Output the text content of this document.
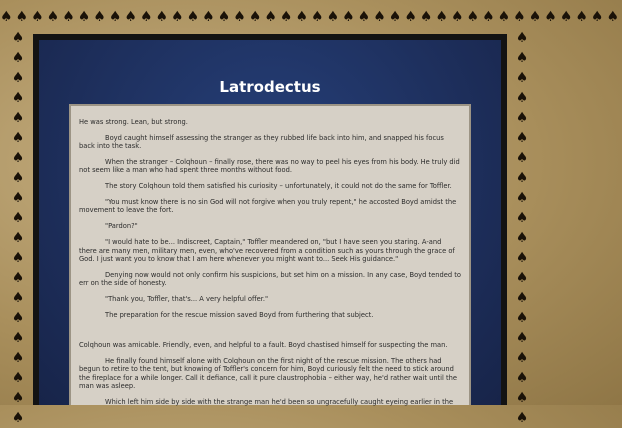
♠♠♠♠♠♠♠♠♠♠♠♠♠♠♠♠♠♠♠♠♠♠♠♠♠♠♠♠♠♠♠♠♠♠♠♠♠♠♠♠
♠
♠
♠
♠
♠
♠
♠
♠
♠
♠
♠
♠
♠
♠
♠
♠
♠
♠
♠
♠
♠
♠
♠
♠
♠
♠
♠
♠
♠
♠
♠
♠
♠
♠
♠
♠
♠
♠
♠
♠
Latrodectus

He was strong. Lean, but strong.

Boyd caught himself assessing the stranger as they rubbed life back into him, and snapped his focus back into the task.

When the stranger – Colqhoun – finally rose, there was no way to peel his eyes from his body. He truly did not seem like a man who had spent three months without food.

The story Colqhoun told them satisfied his curiosity – unfortunately, it could not do the same for Toffler.

"You must know there is no sin God will not forgive when you truly repent," he accosted Boyd amidst the movement to leave the fort.

"Pardon?"

"I would hate to be... Indiscreet, Captain," Toffler meandered on, "but I have seen you staring. A-and there are many men, military men, even, who've recovered from a condition such as yours through the grace of God. I just want you to know that I am here whenever you might want to... Seek His guidance."

Denying now would not only confirm his suspicions, but set him on a mission. In any case, Boyd tended to err on the side of honesty.

"Thank you, Toffler, that's... A very helpful offer."

The preparation for the rescue mission saved Boyd from furthering that subject.

Colqhoun was amicable. Friendly, even, and helpful to a fault. Boyd chastised himself for suspecting the man.

He finally found himself alone with Colqhoun on the first night of the rescue mission. The others had begun to retire to the tent, but knowing of Toffler's concern for him, Boyd curiously felt the need to stick around the fireplace for a while longer. Call it defiance, call it pure claustrophobia – either way, he'd rather wait until the man was asleep.

Which left him side by side with the strange man he'd been so ungracefully caught eyeing earlier in the
